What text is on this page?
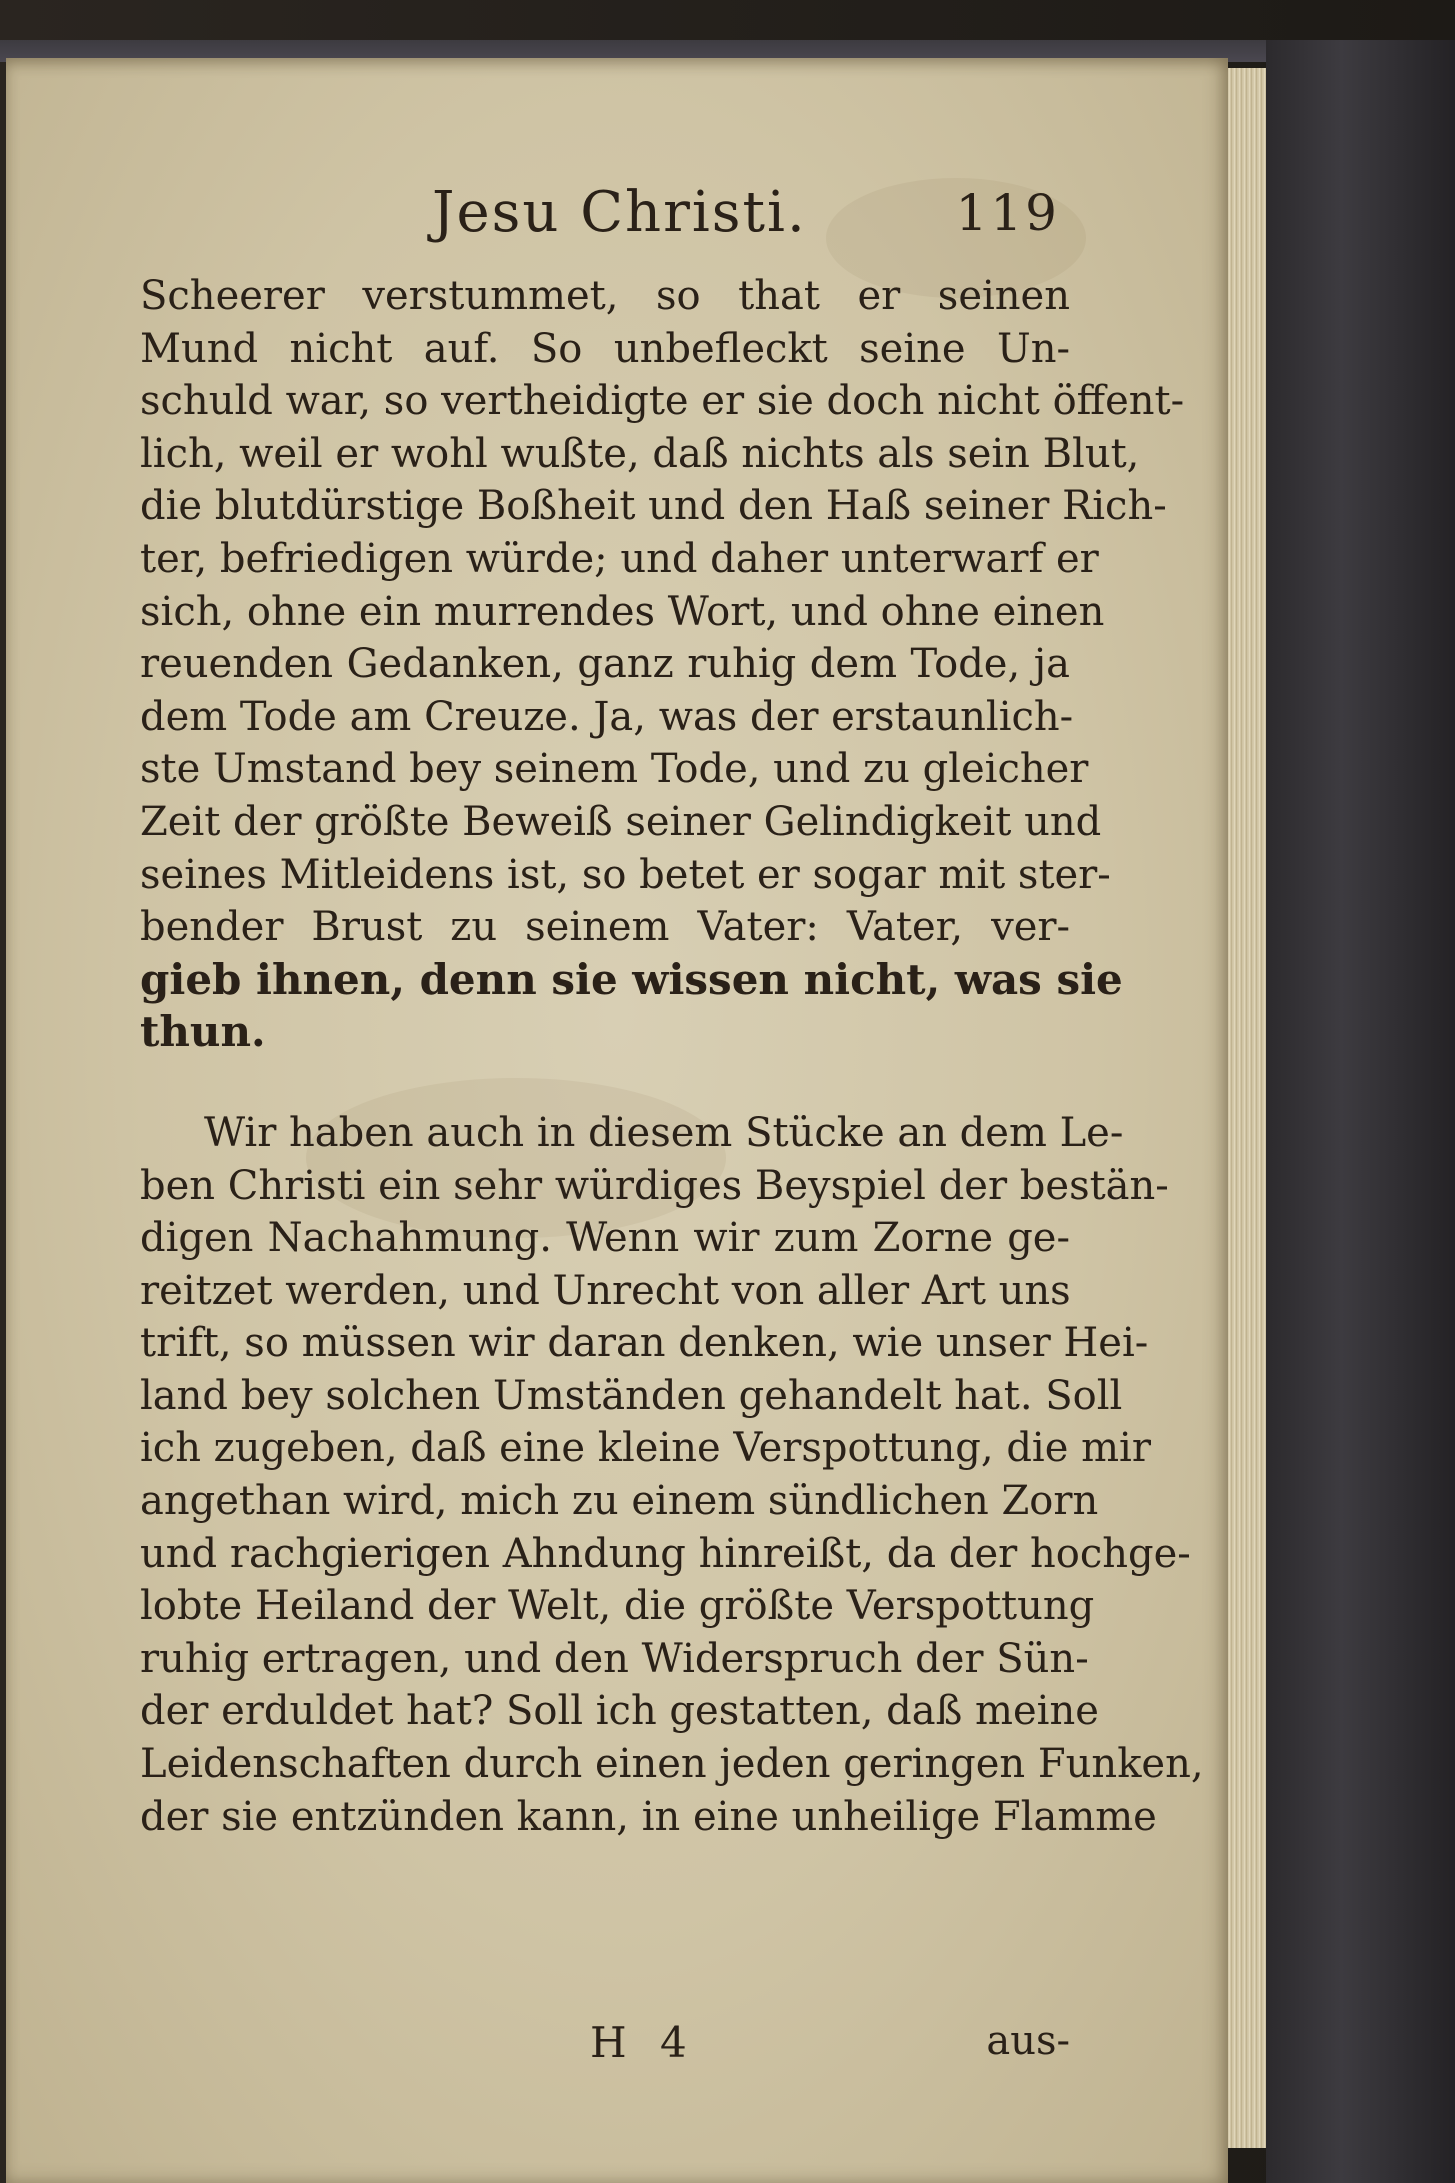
Jesu Christi.	119
Scheerer verstummet, so that er seinen
Mund nicht auf. So unbefleckt seine Un-
schuld war, so vertheidigte er sie doch nicht öffent-
lich, weil er wohl wußte, daß nichts als sein Blut,
die blutdürstige Boßheit und den Haß seiner Rich-
ter, befriedigen würde; und daher unterwarf er
sich, ohne ein murrendes Wort, und ohne einen
reuenden Gedanken, ganz ruhig dem Tode, ja
dem Tode am Creuze. Ja, was der erstaunlich-
ste Umstand bey seinem Tode, und zu gleicher
Zeit der größte Beweiß seiner Gelindigkeit und
seines Mitleidens ist, so betet er sogar mit ster-
bender Brust zu seinem Vater: Vater, ver-
gieb ihnen, denn sie wissen nicht, was sie
thun.
Wir haben auch in diesem Stücke an dem Le-
ben Christi ein sehr würdiges Beyspiel der bestän-
digen Nachahmung. Wenn wir zum Zorne ge-
reitzet werden, und Unrecht von aller Art uns
trift, so müssen wir daran denken, wie unser Hei-
land bey solchen Umständen gehandelt hat. Soll
ich zugeben, daß eine kleine Verspottung, die mir
angethan wird, mich zu einem sündlichen Zorn
und rachgierigen Ahndung hinreißt, da der hochge-
lobte Heiland der Welt, die größte Verspottung
ruhig ertragen, und den Widerspruch der Sün-
der erduldet hat? Soll ich gestatten, daß meine
Leidenschaften durch einen jeden geringen Funken,
der sie entzünden kann, in eine unheilige Flamme
H 4	aus-
